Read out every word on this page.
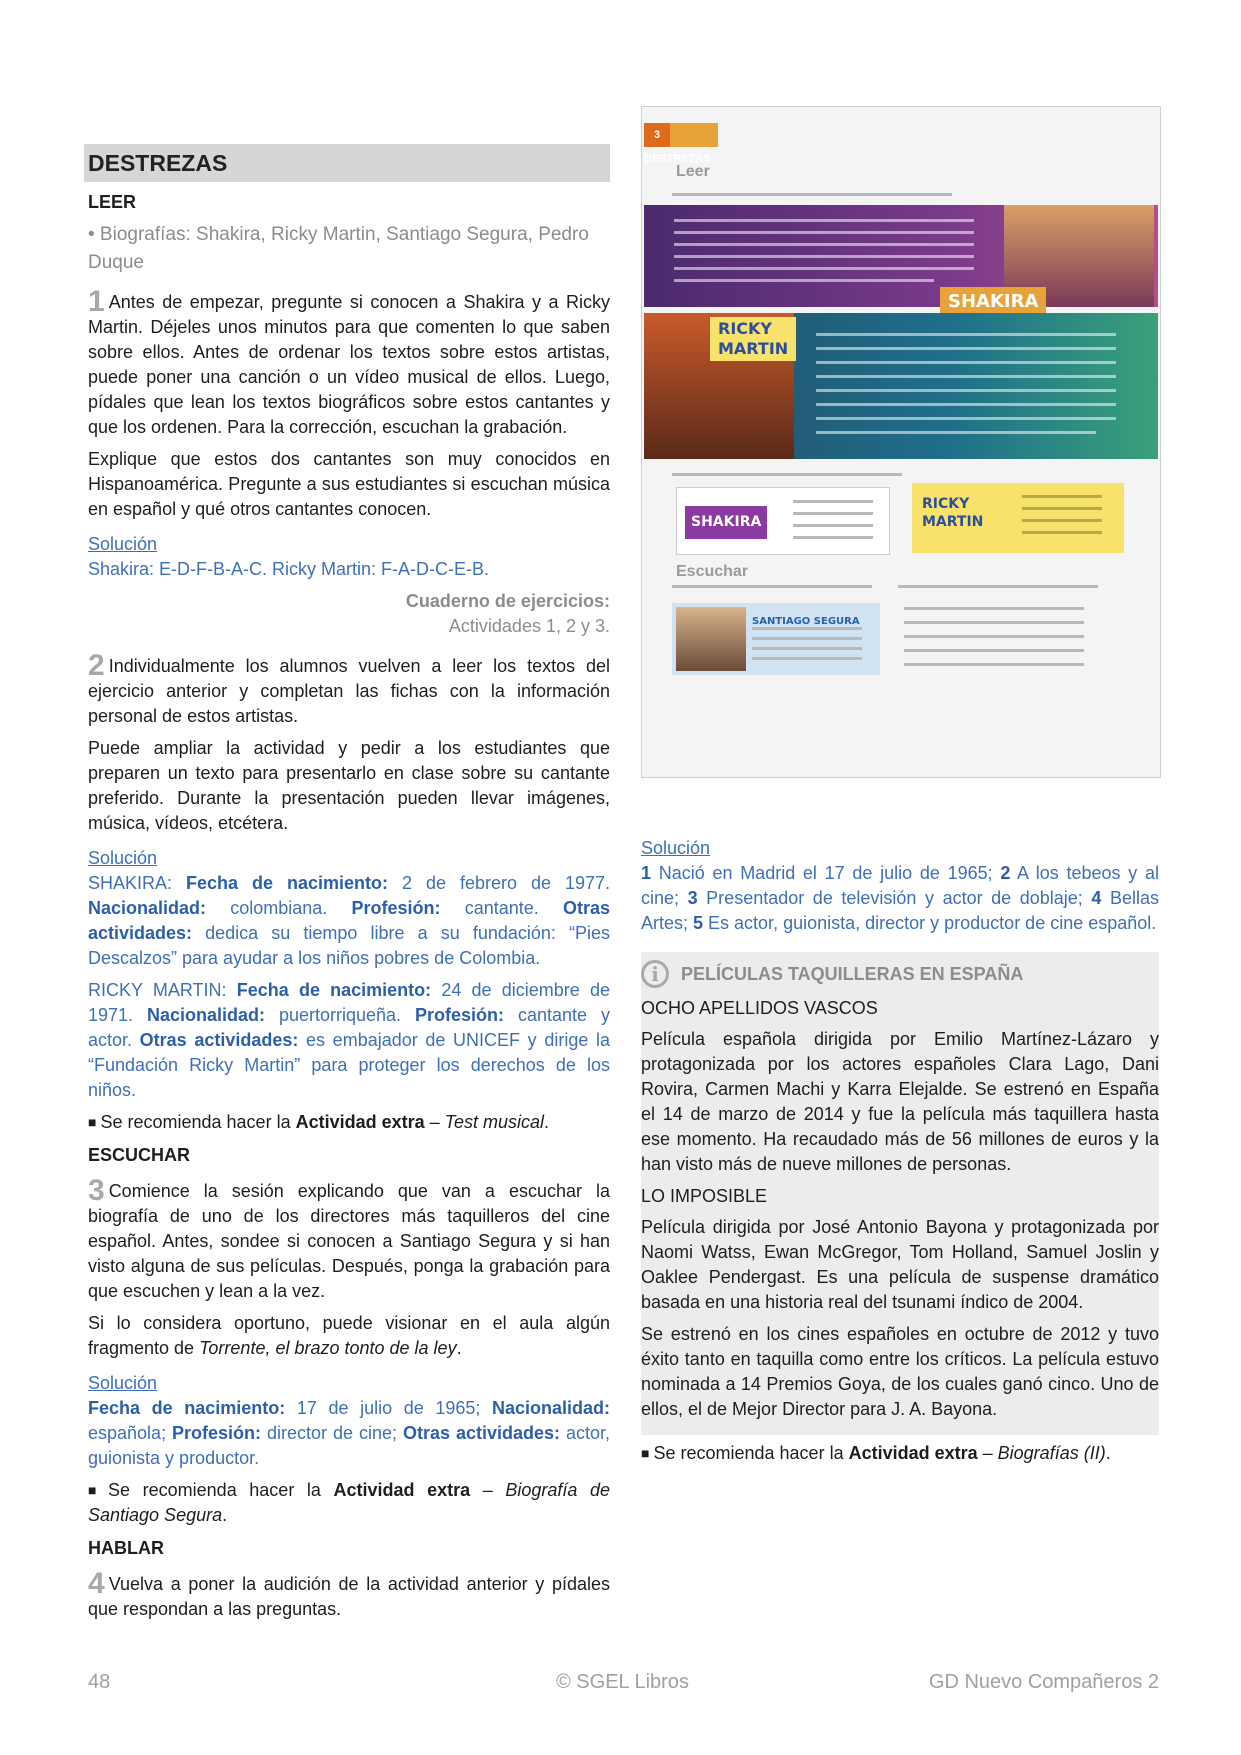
DESTREZAS
LEER
• Biografías: Shakira, Ricky Martin, Santiago Segura, Pedro Duque

1 Antes de empezar, pregunte si conocen a Shakira y a Ricky Martin. Déjeles unos minutos para que comenten lo que saben sobre ellos. Antes de ordenar los textos sobre estos artistas, puede poner una canción o un vídeo musical de ellos. Luego, pídales que lean los textos biográficos sobre estos cantantes y que los ordenen. Para la corrección, escuchan la grabación.

Explique que estos dos cantantes son muy conocidos en Hispanoamérica. Pregunte a sus estudiantes si escuchan música en español y qué otros cantantes conocen.

Solución

Shakira: E-D-F-B-A-C. Ricky Martin: F-A-D-C-E-B.

Cuaderno de ejercicios:

Actividades 1, 2 y 3.

2 Individualmente los alumnos vuelven a leer los textos del ejercicio anterior y completan las fichas con la información personal de estos artistas.

Puede ampliar la actividad y pedir a los estudiantes que preparen un texto para presentarlo en clase sobre su cantante preferido. Durante la presentación pueden llevar imágenes, música, vídeos, etcétera.

Solución

SHAKIRA: Fecha de nacimiento: 2 de febrero de 1977. Nacionalidad: colombiana. Profesión: cantante. Otras actividades: dedica su tiempo libre a su fundación: “Pies Descalzos” para ayudar a los niños pobres de Colombia.

RICKY MARTIN: Fecha de nacimiento: 24 de diciembre de 1971. Nacionalidad: puertorriqueña. Profesión: cantante y actor. Otras actividades: es embajador de UNICEF y dirige la “Fundación Ricky Martin” para proteger los derechos de los niños.

■ Se recomienda hacer la Actividad extra – Test musical.

ESCUCHAR

3 Comience la sesión explicando que van a escuchar la biografía de uno de los directores más taquilleros del cine español. Antes, sondee si conocen a Santiago Segura y si han visto alguna de sus películas. Después, ponga la grabación para que escuchen y lean a la vez.

Si lo considera oportuno, puede visionar en el aula algún fragmento de Torrente, el brazo tonto de la ley.

Solución

Fecha de nacimiento: 17 de julio de 1965; Nacionalidad: española; Profesión: director de cine; Otras actividades: actor, guionista y productor.

■ Se recomienda hacer la Actividad extra – Biografía de Santiago Segura.

HABLAR

4 Vuelva a poner la audición de la actividad anterior y pídales que respondan a las preguntas.

3DESTREZAS
Leer
SHAKIRA
RICKY
MARTIN
SHAKIRA
RICKY
MARTIN
Escuchar
SANTIAGO SEGURA
Solución

1 Nació en Madrid el 17 de julio de 1965; 2 A los tebeos y al cine; 3 Presentador de televisión y actor de doblaje; 4 Bellas Artes; 5 Es actor, guionista, director y productor de cine español.

i	PELÍCULAS TAQUILLERAS EN ESPAÑA

OCHO APELLIDOS VASCOS

Película española dirigida por Emilio Martínez-Lázaro y protagonizada por los actores españoles Clara Lago, Dani Rovira, Carmen Machi y Karra Elejalde. Se estrenó en España el 14 de marzo de 2014 y fue la película más taquillera hasta ese momento. Ha recaudado más de 56 millones de euros y la han visto más de nueve millones de personas.

LO IMPOSIBLE

Película dirigida por José Antonio Bayona y protagonizada por Naomi Watss, Ewan McGregor, Tom Holland, Samuel Joslin y Oaklee Pendergast. Es una película de suspense dramático basada en una historia real del tsunami índico de 2004.

Se estrenó en los cines españoles en octubre de 2012 y tuvo éxito tanto en taquilla como entre los críticos. La película estuvo nominada a 14 Premios Goya, de los cuales ganó cinco. Uno de ellos, el de Mejor Director para J. A. Bayona.

■ Se recomienda hacer la Actividad extra – Biografías (II).

48	© SGEL Libros	GD Nuevo Compañeros 2
